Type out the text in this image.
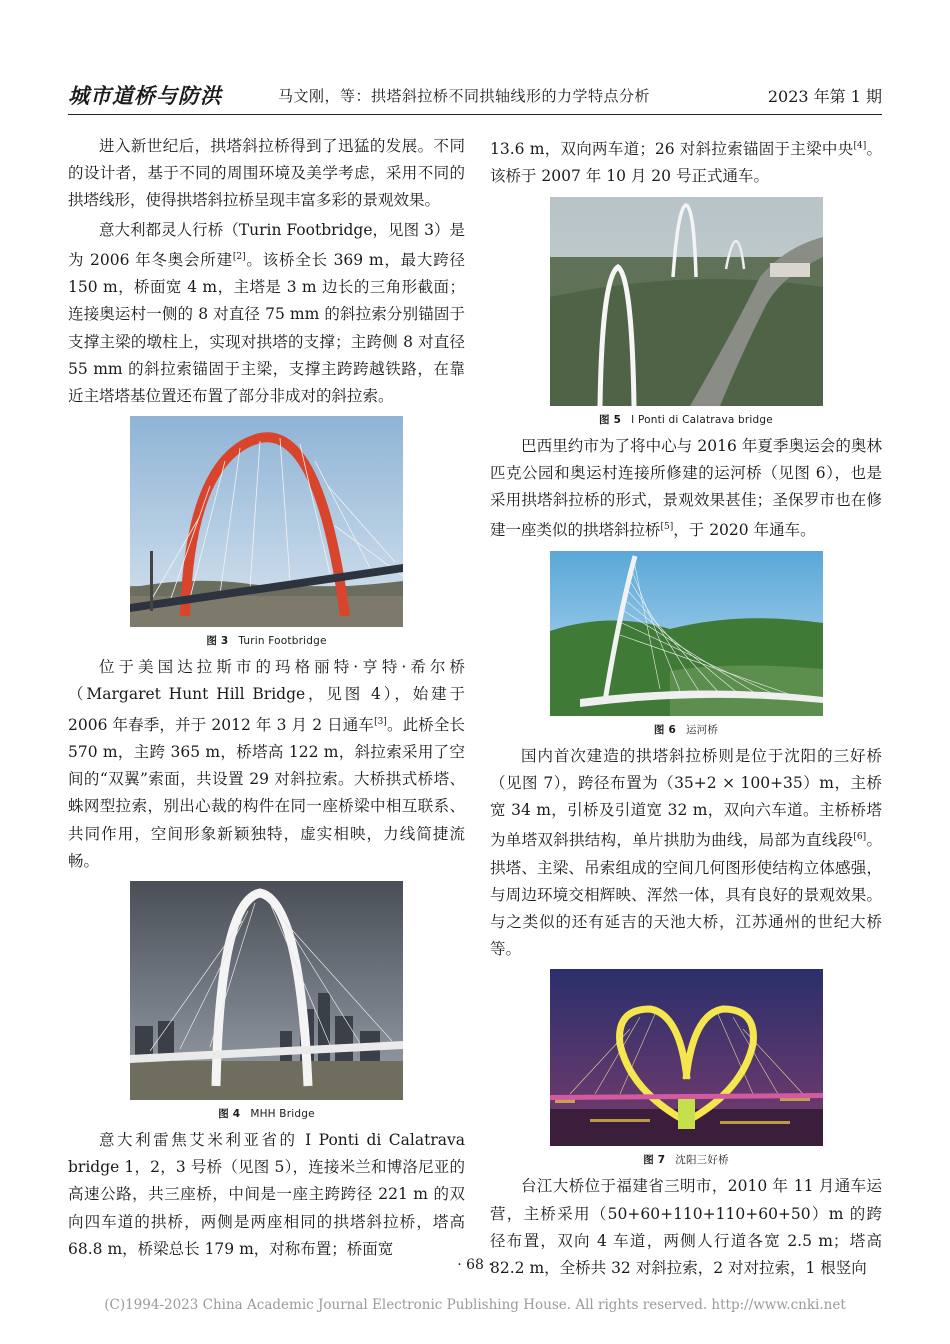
城市道桥与防洪	马文刚，等：拱塔斜拉桥不同拱轴线形的力学特点分析	2023 年第 1 期

进入新世纪后，拱塔斜拉桥得到了迅猛的发展。不同的设计者，基于不同的周围环境及美学考虑，采用不同的拱塔线形，使得拱塔斜拉桥呈现丰富多彩的景观效果。

意大利都灵人行桥（Turin Footbridge，见图 3）是为 2006 年冬奥会所建[2]。该桥全长 369 m，最大跨径 150 m，桥面宽 4 m，主塔是 3 m 边长的三角形截面；连接奥运村一侧的 8 对直径 75 mm 的斜拉索分别锚固于支撑主梁的墩柱上，实现对拱塔的支撑；主跨侧 8 对直径 55 mm 的斜拉索锚固于主梁，支撑主跨跨越铁路，在靠近主塔塔基位置还布置了部分非成对的斜拉索。

图 3 Turin Footbridge

位于美国达拉斯市的玛格丽特·亨特·希尔桥（Margaret Hunt Hill Bridge，见图 4），始建于 2006 年春季，并于 2012 年 3 月 2 日通车[3]。此桥全长 570 m，主跨 365 m，桥塔高 122 m，斜拉索采用了空间的“双翼”索面，共设置 29 对斜拉索。大桥拱式桥塔、蛛网型拉索，别出心裁的构件在同一座桥梁中相互联系、共同作用，空间形象新颖独特，虚实相映，力线简捷流畅。

图 4 MHH Bridge

意大利雷焦艾米利亚省的 I Ponti di Calatrava bridge 1，2，3 号桥（见图 5），连接米兰和博洛尼亚的高速公路，共三座桥，中间是一座主跨跨径 221 m 的双向四车道的拱桥，两侧是两座相同的拱塔斜拉桥，塔高 68.8 m，桥梁总长 179 m，对称布置；桥面宽

13.6 m，双向两车道；26 对斜拉索锚固于主梁中央[4]。该桥于 2007 年 10 月 20 号正式通车。

图 5 I Ponti di Calatrava bridge

巴西里约市为了将中心与 2016 年夏季奥运会的奥林匹克公园和奥运村连接所修建的运河桥（见图 6），也是采用拱塔斜拉桥的形式，景观效果甚佳；圣保罗市也在修建一座类似的拱塔斜拉桥[5]，于 2020 年通车。

图 6 运河桥

国内首次建造的拱塔斜拉桥则是位于沈阳的三好桥（见图 7），跨径布置为（35+2 × 100+35）m，主桥宽 34 m，引桥及引道宽 32 m，双向六车道。主桥桥塔为单塔双斜拱结构，单片拱肋为曲线，局部为直线段[6]。拱塔、主梁、吊索组成的空间几何图形使结构立体感强，与周边环境交相辉映、浑然一体，具有良好的景观效果。与之类似的还有延吉的天池大桥，江苏通州的世纪大桥等。

图 7 沈阳三好桥

台江大桥位于福建省三明市，2010 年 11 月通车运营，主桥采用（50+60+110+110+60+50）m 的跨径布置，双向 4 车道，两侧人行道各宽 2.5 m；塔高 82.2 m，全桥共 32 对斜拉索，2 对对拉索，1 根竖向

· 68 ·
(C)1994-2023 China Academic Journal Electronic Publishing House. All rights reserved. http://www.cnki.net
